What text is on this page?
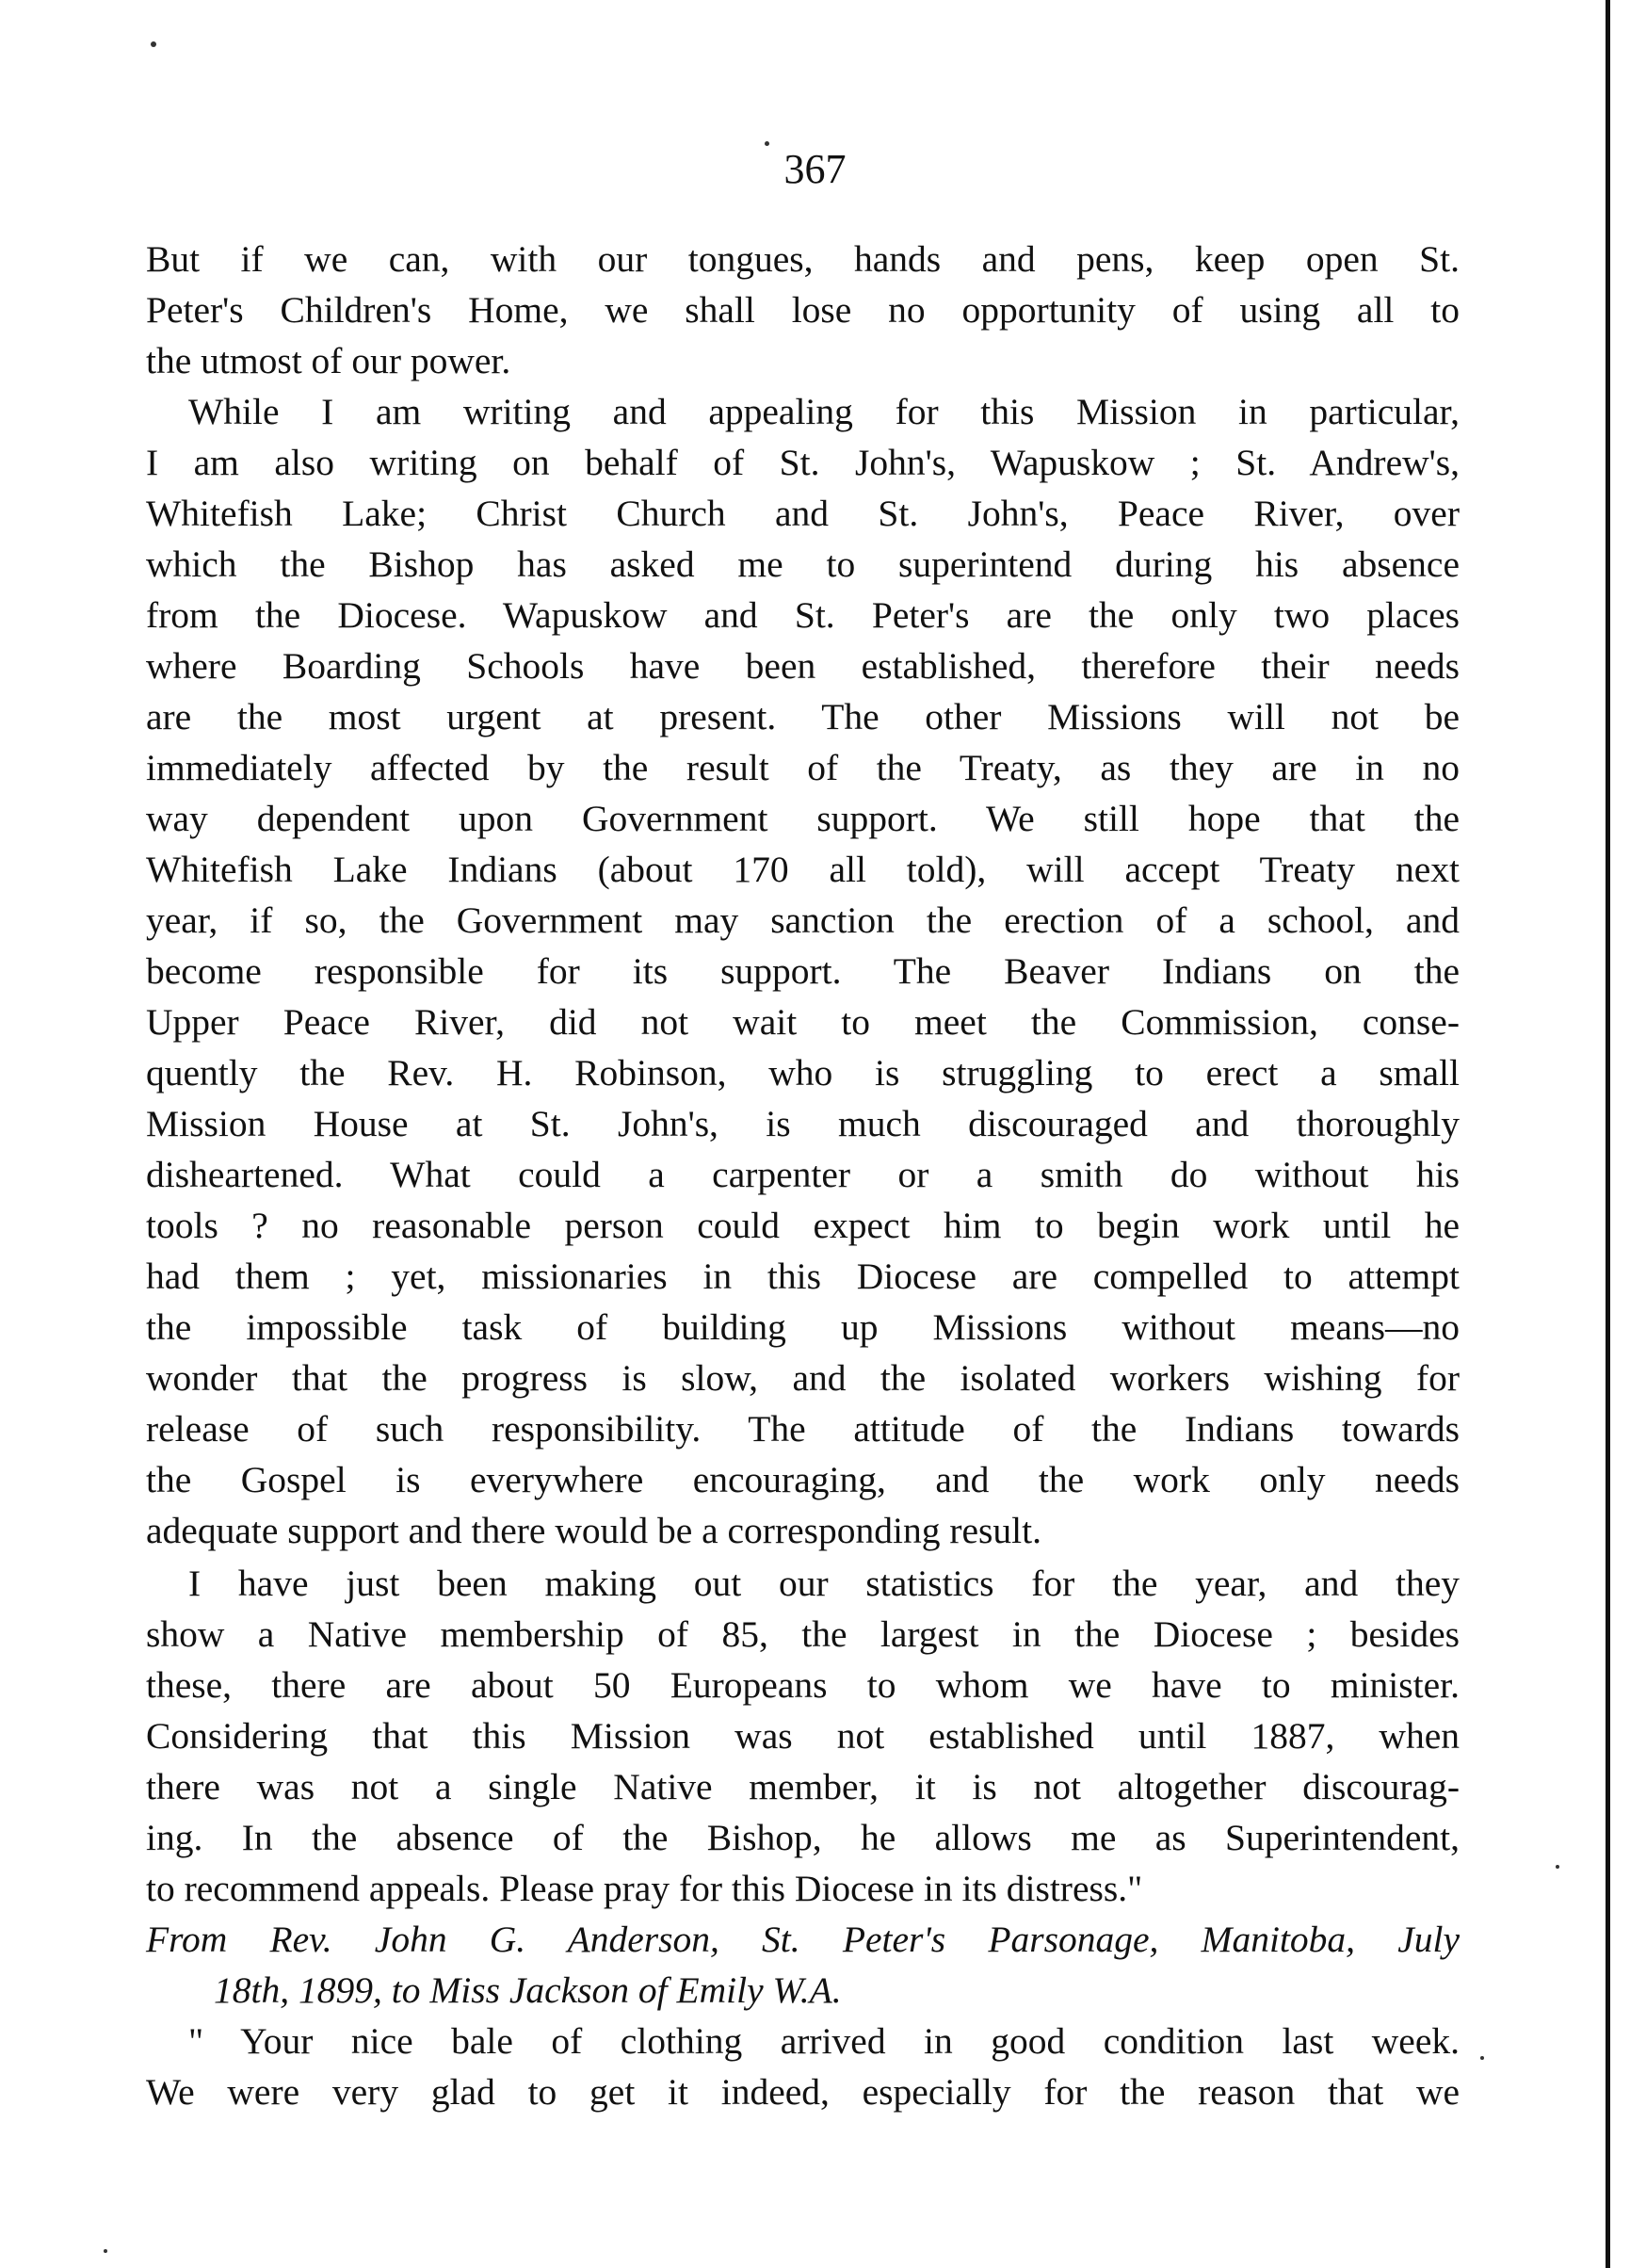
367
But if we can, with our tongues, hands and pens, keep open St.
Peter's Children's Home, we shall lose no opportunity of using all to
the utmost of our power.
While I am writing and appealing for this Mission in particular,
I am also writing on behalf of St. John's, Wapuskow ; St. Andrew's,
Whitefish Lake; Christ Church and St. John's, Peace River, over
which the Bishop has asked me to superintend during his absence
from the Diocese. Wapuskow and St. Peter's are the only two places
where Boarding Schools have been established, therefore their needs
are the most urgent at present. The other Missions will not be
immediately affected by the result of the Treaty, as they are in no
way dependent upon Government support. We still hope that the
Whitefish Lake Indians (about 170 all told), will accept Treaty next
year, if so, the Government may sanction the erection of a school, and
become responsible for its support. The Beaver Indians on the
Upper Peace River, did not wait to meet the Commission, conse-
quently the Rev. H. Robinson, who is struggling to erect a small
Mission House at St. John's, is much discouraged and thoroughly
disheartened. What could a carpenter or a smith do without his
tools ? no reasonable person could expect him to begin work until he
had them ; yet, missionaries in this Diocese are compelled to attempt
the impossible task of building up Missions without means—no
wonder that the progress is slow, and the isolated workers wishing for
release of such responsibility. The attitude of the Indians towards
the Gospel is everywhere encouraging, and the work only needs
adequate support and there would be a corresponding result.
I have just been making out our statistics for the year, and they
show a Native membership of 85, the largest in the Diocese ; besides
these, there are about 50 Europeans to whom we have to minister.
Considering that this Mission was not established until 1887, when
there was not a single Native member, it is not altogether discourag-
ing. In the absence of the Bishop, he allows me as Superintendent,
to recommend appeals. Please pray for this Diocese in its distress."
From Rev. John G. Anderson, St. Peter's Parsonage, Manitoba, July
18th, 1899, to Miss Jackson of Emily W.A.
" Your nice bale of clothing arrived in good condition last week.
We were very glad to get it indeed, especially for the reason that we
